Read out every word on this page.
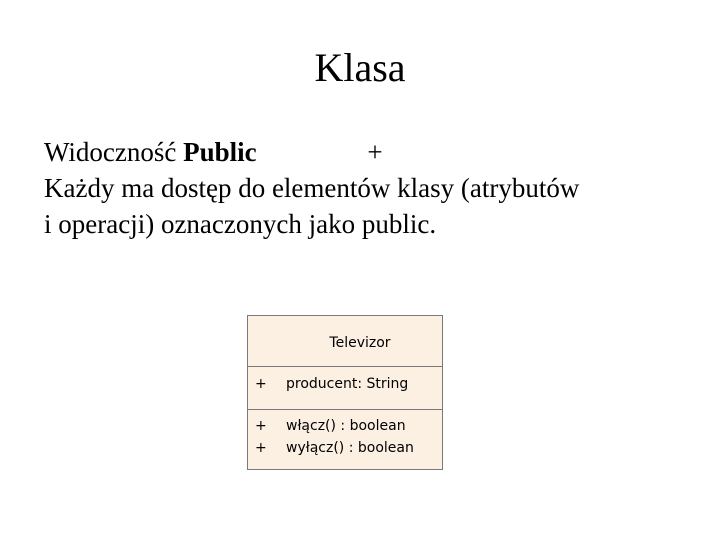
Klasa
Widoczność Public	+
Każdy ma dostęp do elementów klasy (atrybutów
i operacji) oznaczonych jako public.
Televizor
+ producent: String
+ włącz() : boolean
+ wyłącz() : boolean
